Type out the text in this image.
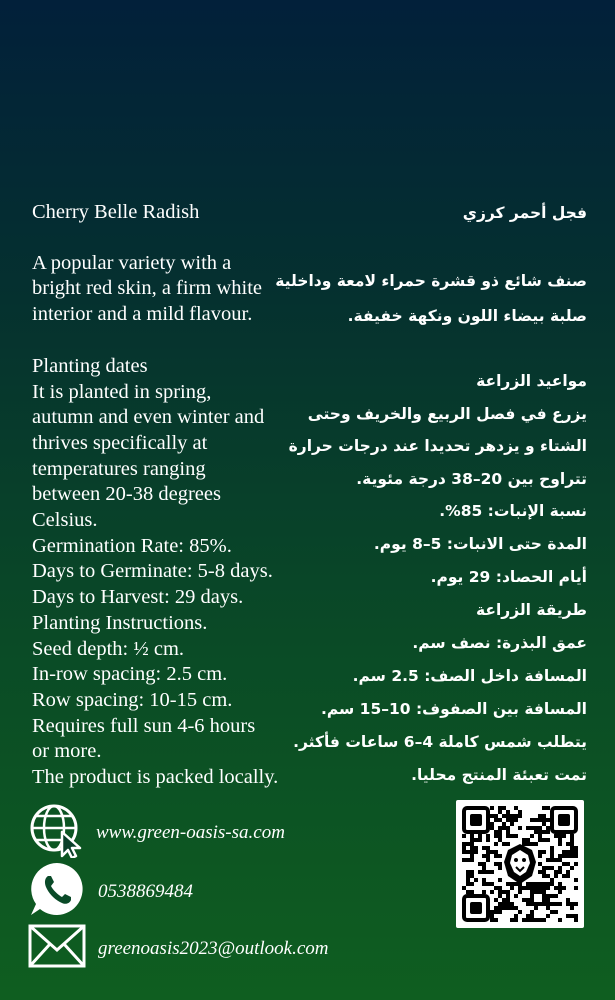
Cherry Belle Radish
A popular variety with a
bright red skin, a firm white
interior and a mild flavour.
Planting dates
It is planted in spring,
autumn and even winter and
thrives specifically at
temperatures ranging
between 20-38 degrees
Celsius.
Germination Rate: 85%.
Days to Germinate: 5-8 days.
Days to Harvest: 29 days.
Planting Instructions.
Seed depth: ½ cm.
In-row spacing: 2.5 cm.
Row spacing: 10-15 cm.
Requires full sun 4-6 hours
or more.
The product is packed locally.
فجل أحمر كرزي
صنف شائع ذو قشرة حمراء لامعة وداخلية
صلبة بيضاء اللون ونكهة خفيفة.
مواعيد الزراعة
يزرع في فصل الربيع والخريف وحتى
الشتاء و يزدهر تحديدا عند درجات حرارة
تتراوح بين 20–38 درجة مئوية.
نسبة الإنبات: 85%.
المدة حتى الانبات: 5–8 يوم.
أيام الحصاد: 29 يوم.
طريقة الزراعة
عمق البذرة: نصف سم.
المسافة داخل الصف: 2.5 سم.
المسافة بين الصفوف: 10–15 سم.
يتطلب شمس كاملة 4–6 ساعات فأكثر.
تمت تعبئة المنتج محليا.
www.green-oasis-sa.com
0538869484
greenoasis2023@outlook.com
